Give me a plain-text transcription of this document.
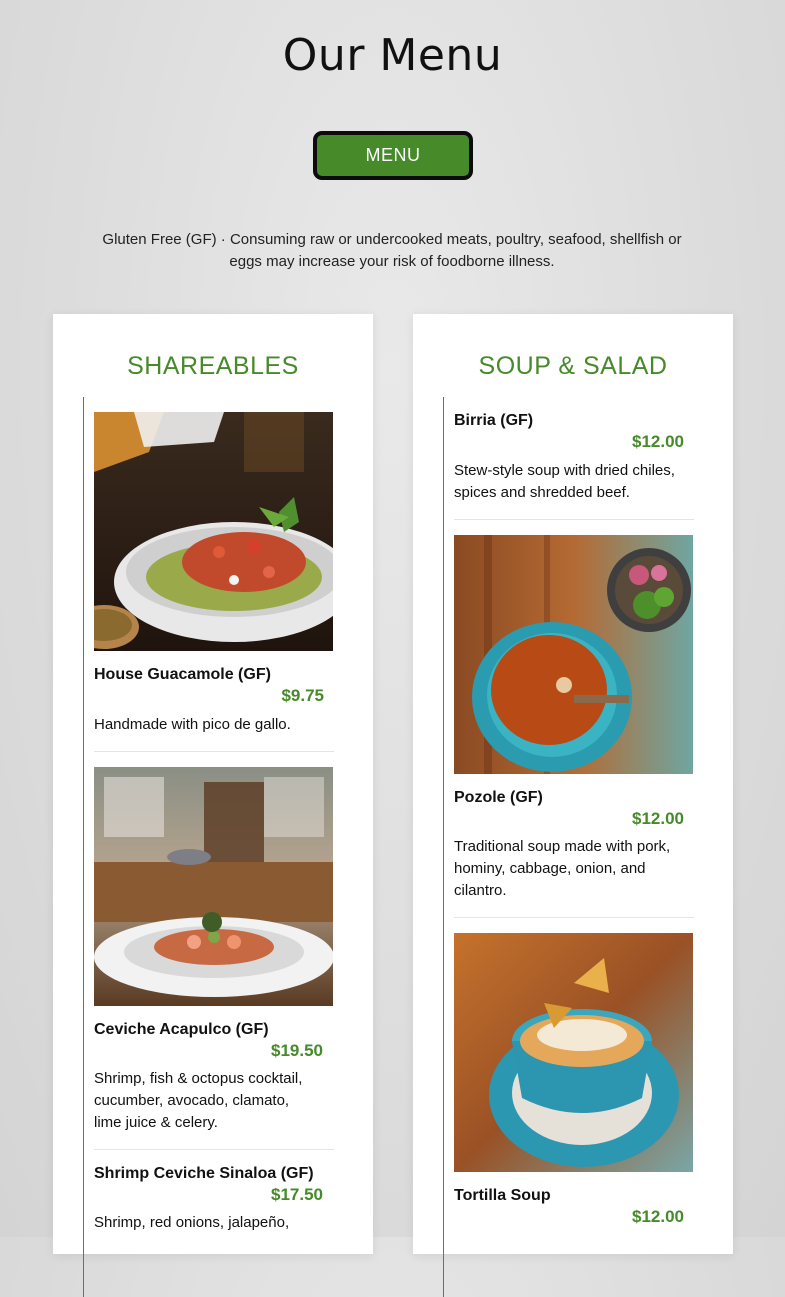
Our Menu
MENU
Gluten Free (GF) · Consuming raw or undercooked meats, poultry, seafood, shellfish or eggs may increase your risk of foodborne illness.
SHAREABLES
House Guacamole (GF)
$9.75
Handmade with pico de gallo.
Ceviche Acapulco (GF)
$19.50
Shrimp, fish & octopus cocktail, cucumber, avocado, clamato, lime juice & celery.
Shrimp Ceviche Sinaloa (GF)
$17.50
Shrimp, red onions, jalapeño,
SOUP & SALAD
Birria (GF)
$12.00
Stew-style soup with dried chiles, spices and shredded beef.
Pozole (GF)
$12.00
Traditional soup made with pork, hominy, cabbage, onion, and cilantro.
Tortilla Soup
$12.00
